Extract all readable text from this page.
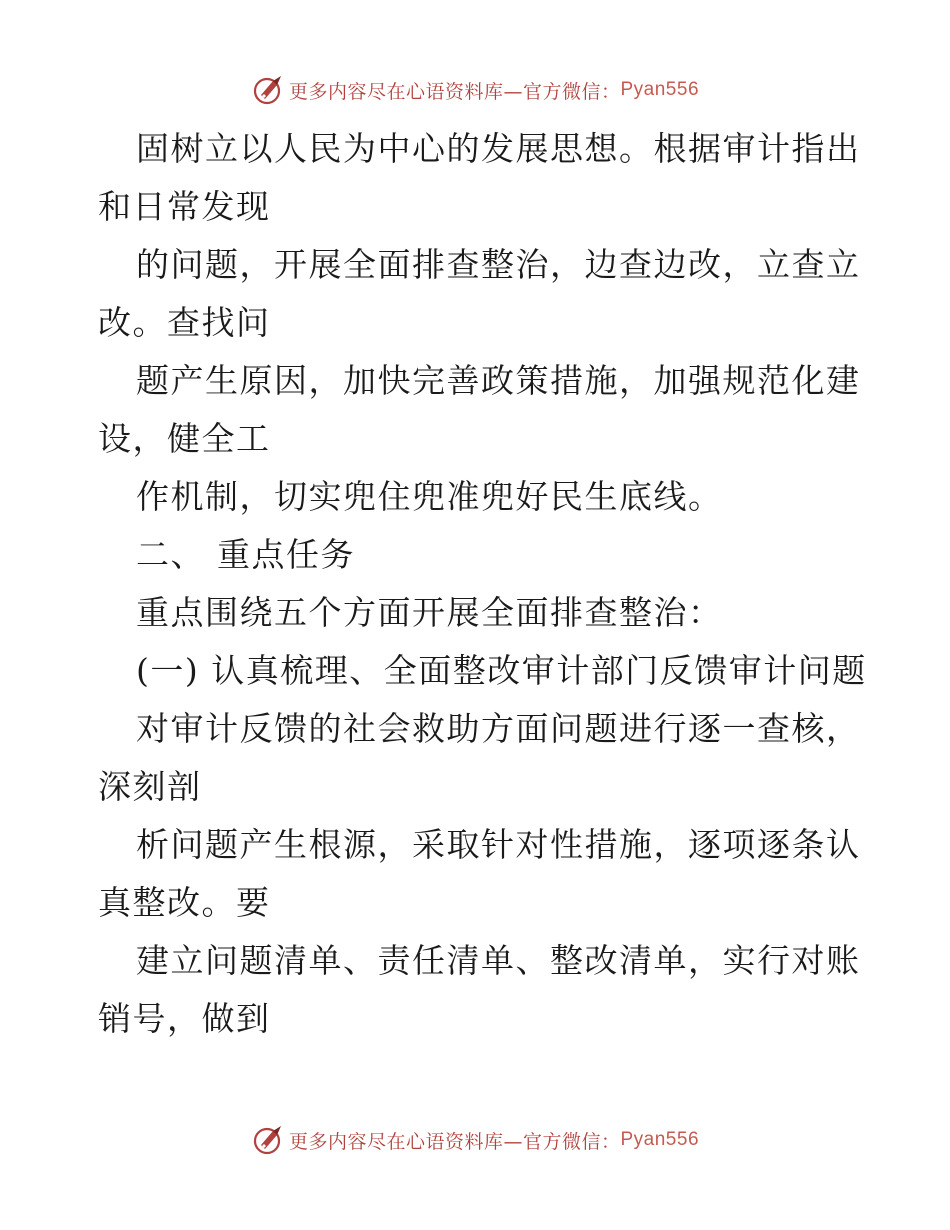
更多内容尽在心语资料库—官方微信： Pyan556
固树立以人民为中心的发展思想。根据审计指出
和日常发现
的问题，开展全面排查整治，边查边改，立查立
改。查找问
题产生原因，加快完善政策措施，加强规范化建
设，健全工
作机制，切实兜住兜准兜好民生底线。
二、 重点任务
重点围绕五个方面开展全面排查整治：
(一) 认真梳理、全面整改审计部门反馈审计问题
对审计反馈的社会救助方面问题进行逐一查核，
深刻剖
析问题产生根源，采取针对性措施，逐项逐条认
真整改。要
建立问题清单、责任清单、整改清单，实行对账
销号，做到
更多内容尽在心语资料库—官方微信： Pyan556
